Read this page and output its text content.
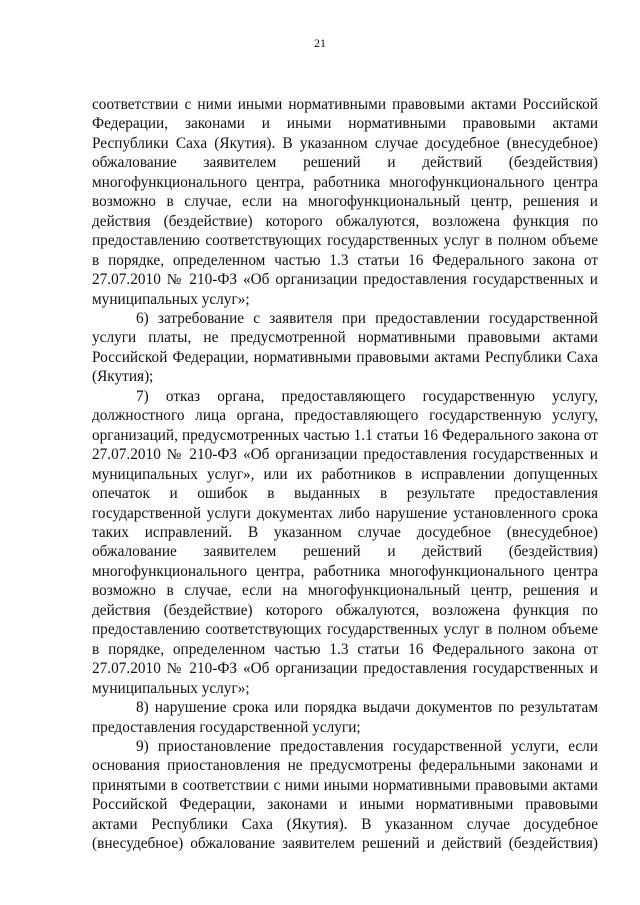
21

соответствии с ними иными нормативными правовыми актами Российской Федерации, законами и иными нормативными правовыми актами Республики Саха (Якутия). В указанном случае досудебное (внесудебное) обжалование заявителем решений и действий (бездействия) многофункционального центра, работника многофункционального центра возможно в случае, если на многофункциональный центр, решения и действия (бездействие) которого обжалуются, возложена функция по предоставлению соответствующих государственных услуг в полном объеме в порядке, определенном частью 1.3 статьи 16 Федерального закона от 27.07.2010 № 210-ФЗ «Об организации предоставления государственных и муниципальных услуг»;

6) затребование с заявителя при предоставлении государственной услуги платы, не предусмотренной нормативными правовыми актами Российской Федерации, нормативными правовыми актами Республики Саха (Якутия);

7) отказ органа, предоставляющего государственную услугу, должностного лица органа, предоставляющего государственную услугу, организаций, предусмотренных частью 1.1 статьи 16 Федерального закона от 27.07.2010 № 210-ФЗ «Об организации предоставления государственных и муниципальных услуг», или их работников в исправлении допущенных опечаток и ошибок в выданных в результате предоставления государственной услуги документах либо нарушение установленного срока таких исправлений. В указанном случае досудебное (внесудебное) обжалование заявителем решений и действий (бездействия) многофункционального центра, работника многофункционального центра возможно в случае, если на многофункциональный центр, решения и действия (бездействие) которого обжалуются, возложена функция по предоставлению соответствующих государственных услуг в полном объеме в порядке, определенном частью 1.3 статьи 16 Федерального закона от 27.07.2010 № 210-ФЗ «Об организации предоставления государственных и муниципальных услуг»;

8) нарушение срока или порядка выдачи документов по результатам предоставления государственной услуги;

9) приостановление предоставления государственной услуги, если основания приостановления не предусмотрены федеральными законами и принятыми в соответствии с ними иными нормативными правовыми актами Российской Федерации, законами и иными нормативными правовыми актами Республики Саха (Якутия). В указанном случае досудебное (внесудебное) обжалование заявителем решений и действий (бездействия)
